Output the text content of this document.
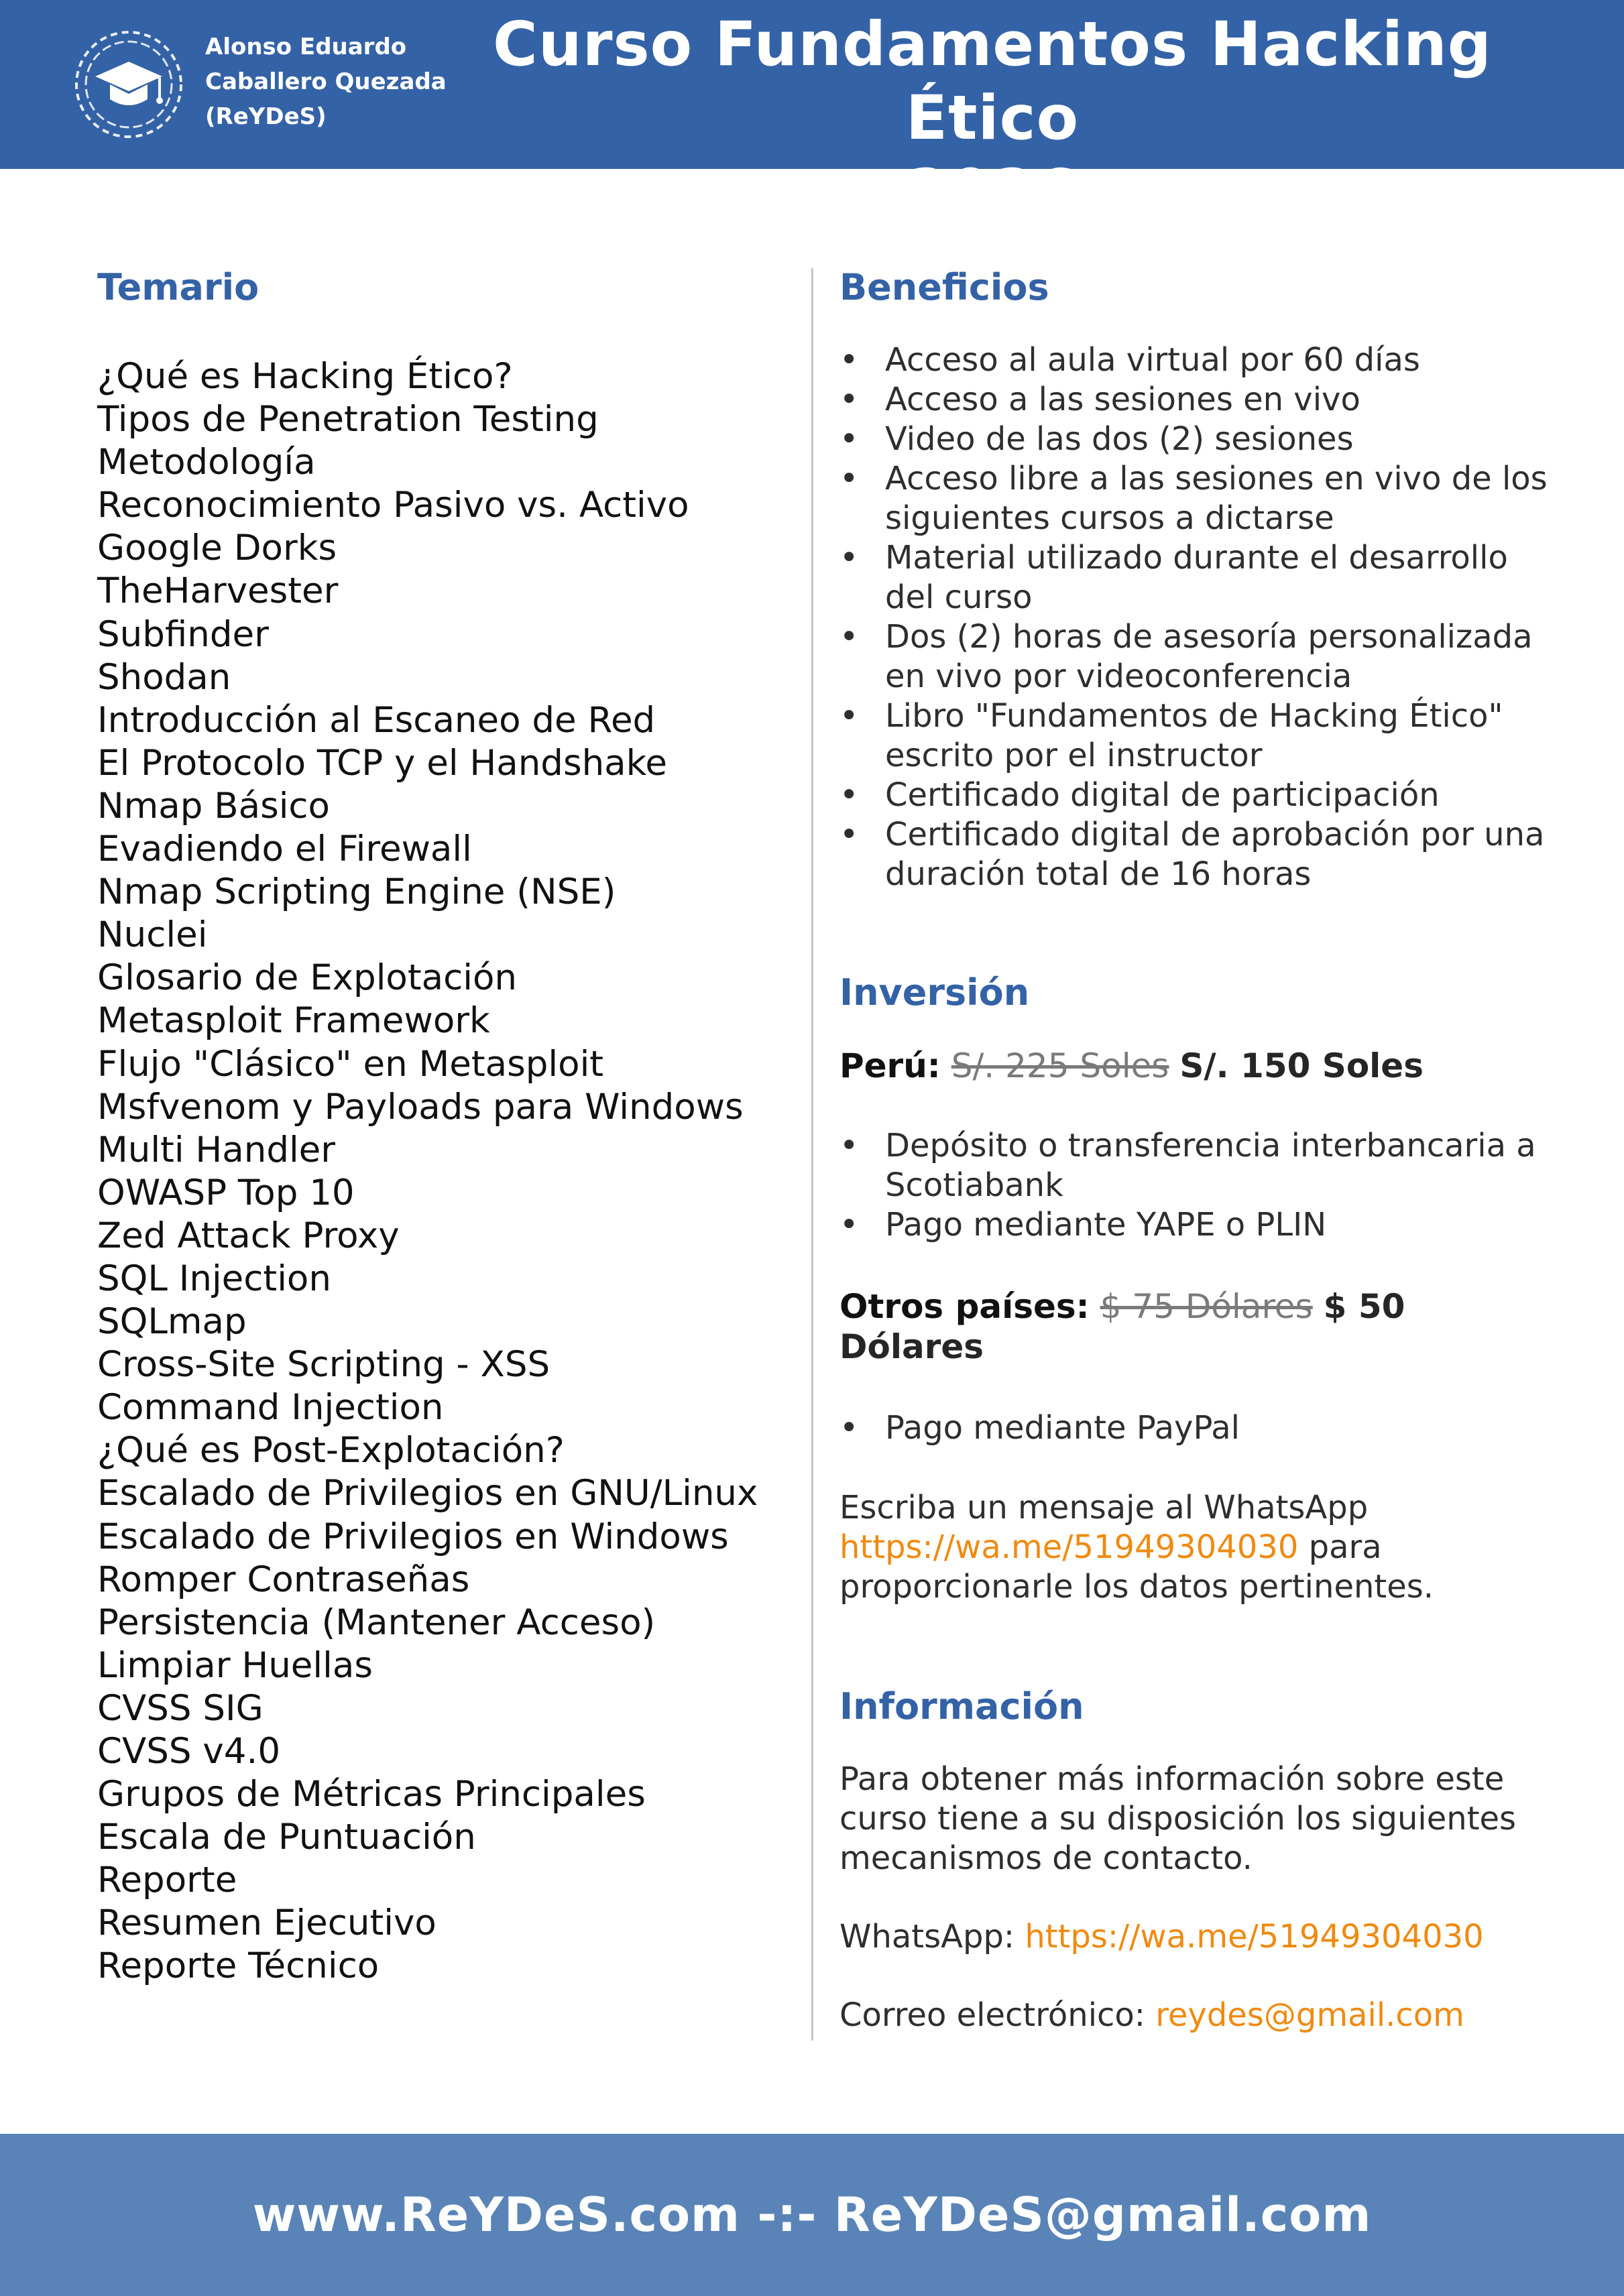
Alonso Eduardo
Caballero Quezada
(ReYDeS)
Curso Fundamentos Hacking Ético
2026
Temario
¿Qué es Hacking Ético?
Tipos de Penetration Testing
Metodología
Reconocimiento Pasivo vs. Activo
Google Dorks
TheHarvester
Subfinder
Shodan
Introducción al Escaneo de Red
El Protocolo TCP y el Handshake
Nmap Básico
Evadiendo el Firewall
Nmap Scripting Engine (NSE)
Nuclei
Glosario de Explotación
Metasploit Framework
Flujo "Clásico" en Metasploit
Msfvenom y Payloads para Windows
Multi Handler
OWASP Top 10
Zed Attack Proxy
SQL Injection
SQLmap
Cross-Site Scripting - XSS
Command Injection
¿Qué es Post-Explotación?
Escalado de Privilegios en GNU/Linux
Escalado de Privilegios en Windows
Romper Contraseñas
Persistencia (Mantener Acceso)
Limpiar Huellas
CVSS SIG
CVSS v4.0
Grupos de Métricas Principales
Escala de Puntuación
Reporte
Resumen Ejecutivo
Reporte Técnico
Beneficios
• Acceso al aula virtual por 60 días
• Acceso a las sesiones en vivo
• Video de las dos (2) sesiones
• Acceso libre a las sesiones en vivo de los siguientes cursos a dictarse
• Material utilizado durante el desarrollo del curso
• Dos (2) horas de asesoría personalizada en vivo por videoconferencia
• Libro "Fundamentos de Hacking Ético" escrito por el instructor
• Certificado digital de participación
• Certificado digital de aprobación por una duración total de 16 horas
Inversión
Perú: S/. 225 Soles S/. 150 Soles
• Depósito o transferencia interbancaria a Scotiabank
• Pago mediante YAPE o PLIN
Otros países: $ 75 Dólares $ 50 Dólares
• Pago mediante PayPal
Escriba un mensaje al WhatsApp https://wa.me/51949304030 para proporcionarle los datos pertinentes.
Información
Para obtener más información sobre este curso tiene a su disposición los siguientes mecanismos de contacto.
WhatsApp: https://wa.me/51949304030
Correo electrónico: reydes@gmail.com
www.ReYDeS.com -:- ReYDeS@gmail.com
